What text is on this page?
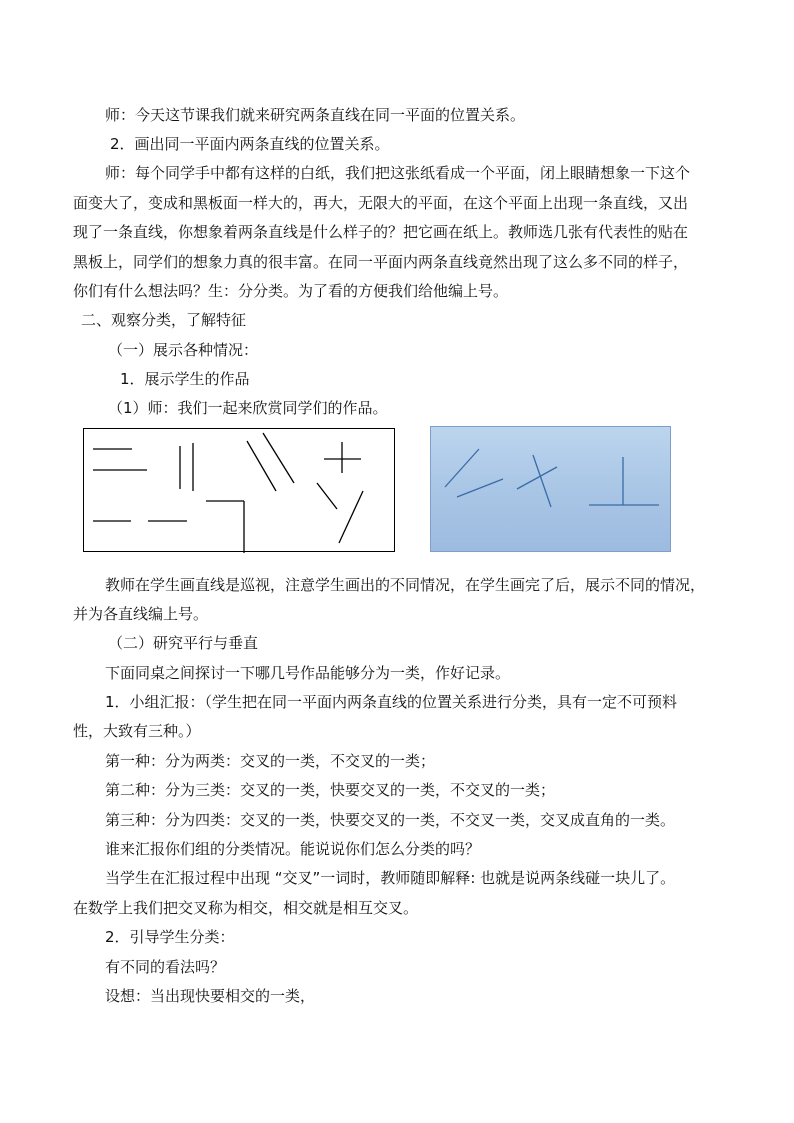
师：今天这节课我们就来研究两条直线在同一平面的位置关系。
2．画出同一平面内两条直线的位置关系。
师：每个同学手中都有这样的白纸，我们把这张纸看成一个平面，闭上眼睛想象一下这个
面变大了，变成和黑板面一样大的，再大，无限大的平面，在这个平面上出现一条直线，又出
现了一条直线，你想象着两条直线是什么样子的？把它画在纸上。教师选几张有代表性的贴在
黑板上，同学们的想象力真的很丰富。在同一平面内两条直线竟然出现了这么多不同的样子，
你们有什么想法吗？生：分分类。为了看的方便我们给他编上号。
二、观察分类，了解特征
（一）展示各种情况：
1．展示学生的作品
（1）师：我们一起来欣赏同学们的作品。
教师在学生画直线是巡视，注意学生画出的不同情况，在学生画完了后，展示不同的情况，
并为各直线编上号。
（二）研究平行与垂直
下面同桌之间探讨一下哪几号作品能够分为一类，作好记录。
1．小组汇报：（学生把在同一平面内两条直线的位置关系进行分类，具有一定不可预料
性，大致有三种。）
第一种：分为两类：交叉的一类，不交叉的一类；
第二种：分为三类：交叉的一类，快要交叉的一类，不交叉的一类；
第三种：分为四类：交叉的一类，快要交叉的一类，不交叉一类，交叉成直角的一类。
谁来汇报你们组的分类情况。能说说你们怎么分类的吗？
当学生在汇报过程中出现 “交叉”一词时，教师随即解释: 也就是说两条线碰一块儿了。
在数学上我们把交叉称为相交，相交就是相互交叉。
2．引导学生分类：
有不同的看法吗？
设想：当出现快要相交的一类，
